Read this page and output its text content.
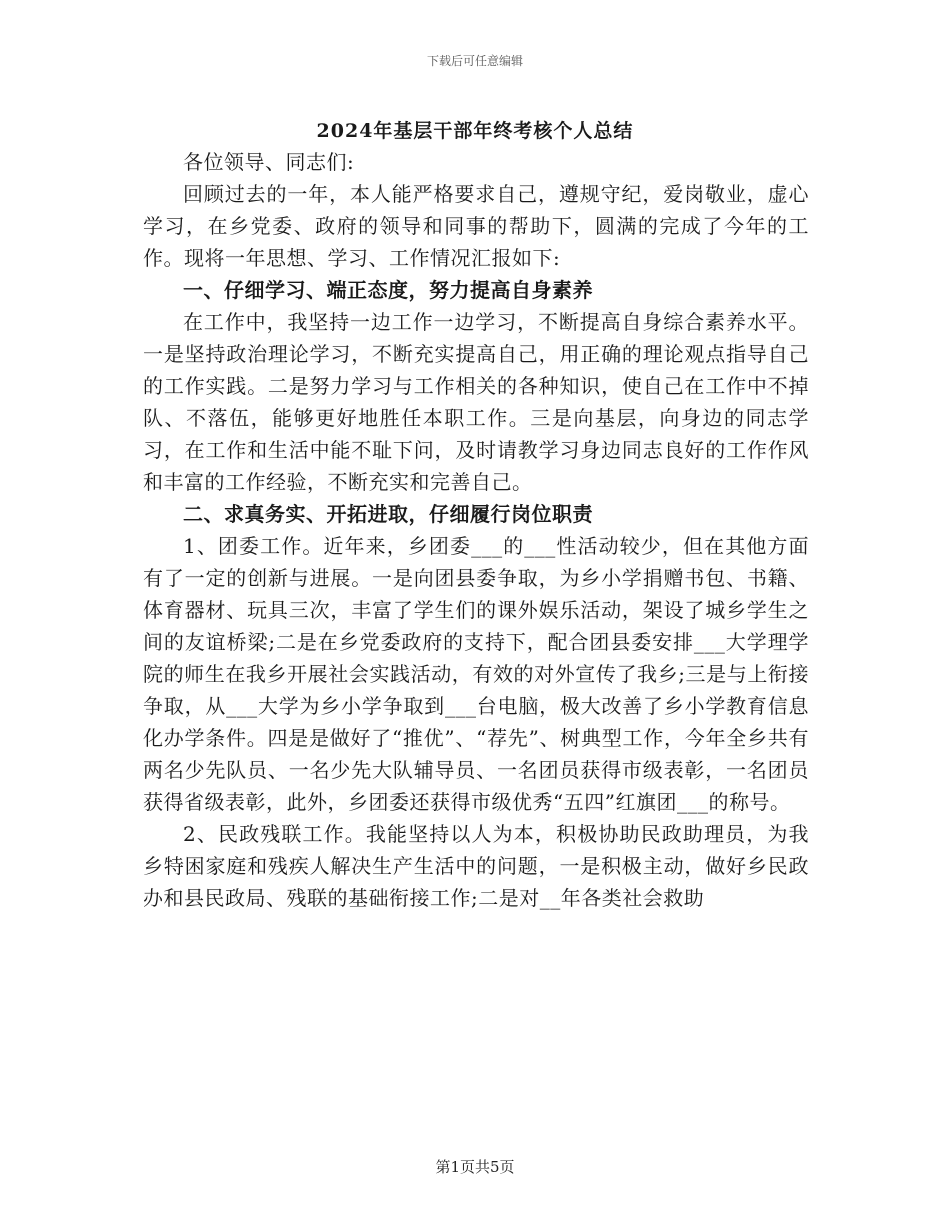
下载后可任意编辑
2024年基层干部年终考核个人总结

各位领导、同志们:

回顾过去的一年，本人能严格要求自己，遵规守纪，爱岗敬业，虚心学习，在乡党委、政府的领导和同事的帮助下，圆满的完成了今年的工作。现将一年思想、学习、工作情况汇报如下:

一、仔细学习、端正态度，努力提高自身素养

在工作中，我坚持一边工作一边学习，不断提高自身综合素养水平。一是坚持政治理论学习，不断充实提高自己，用正确的理论观点指导自己的工作实践。二是努力学习与工作相关的各种知识，使自己在工作中不掉队、不落伍，能够更好地胜任本职工作。三是向基层，向身边的同志学习，在工作和生活中能不耻下问，及时请教学习身边同志良好的工作作风和丰富的工作经验，不断充实和完善自己。

二、求真务实、开拓进取，仔细履行岗位职责

1、团委工作。近年来，乡团委___的___性活动较少，但在其他方面有了一定的创新与进展。一是向团县委争取，为乡小学捐赠书包、书籍、体育器材、玩具三次，丰富了学生们的课外娱乐活动，架设了城乡学生之间的友谊桥梁;二是在乡党委政府的支持下，配合团县委安排___大学理学院的师生在我乡开展社会实践活动，有效的对外宣传了我乡;三是与上衔接争取，从___大学为乡小学争取到___台电脑，极大改善了乡小学教育信息化办学条件。四是是做好了“推优”、“荐先”、树典型工作，今年全乡共有两名少先队员、一名少先大队辅导员、一名团员获得市级表彰，一名团员获得省级表彰，此外，乡团委还获得市级优秀“五四”红旗团___的称号。

2、民政残联工作。我能坚持以人为本，积极协助民政助理员，为我乡特困家庭和残疾人解决生产生活中的问题，一是积极主动，做好乡民政办和县民政局、残联的基础衔接工作;二是对__年各类社会救助

第1页共5页
